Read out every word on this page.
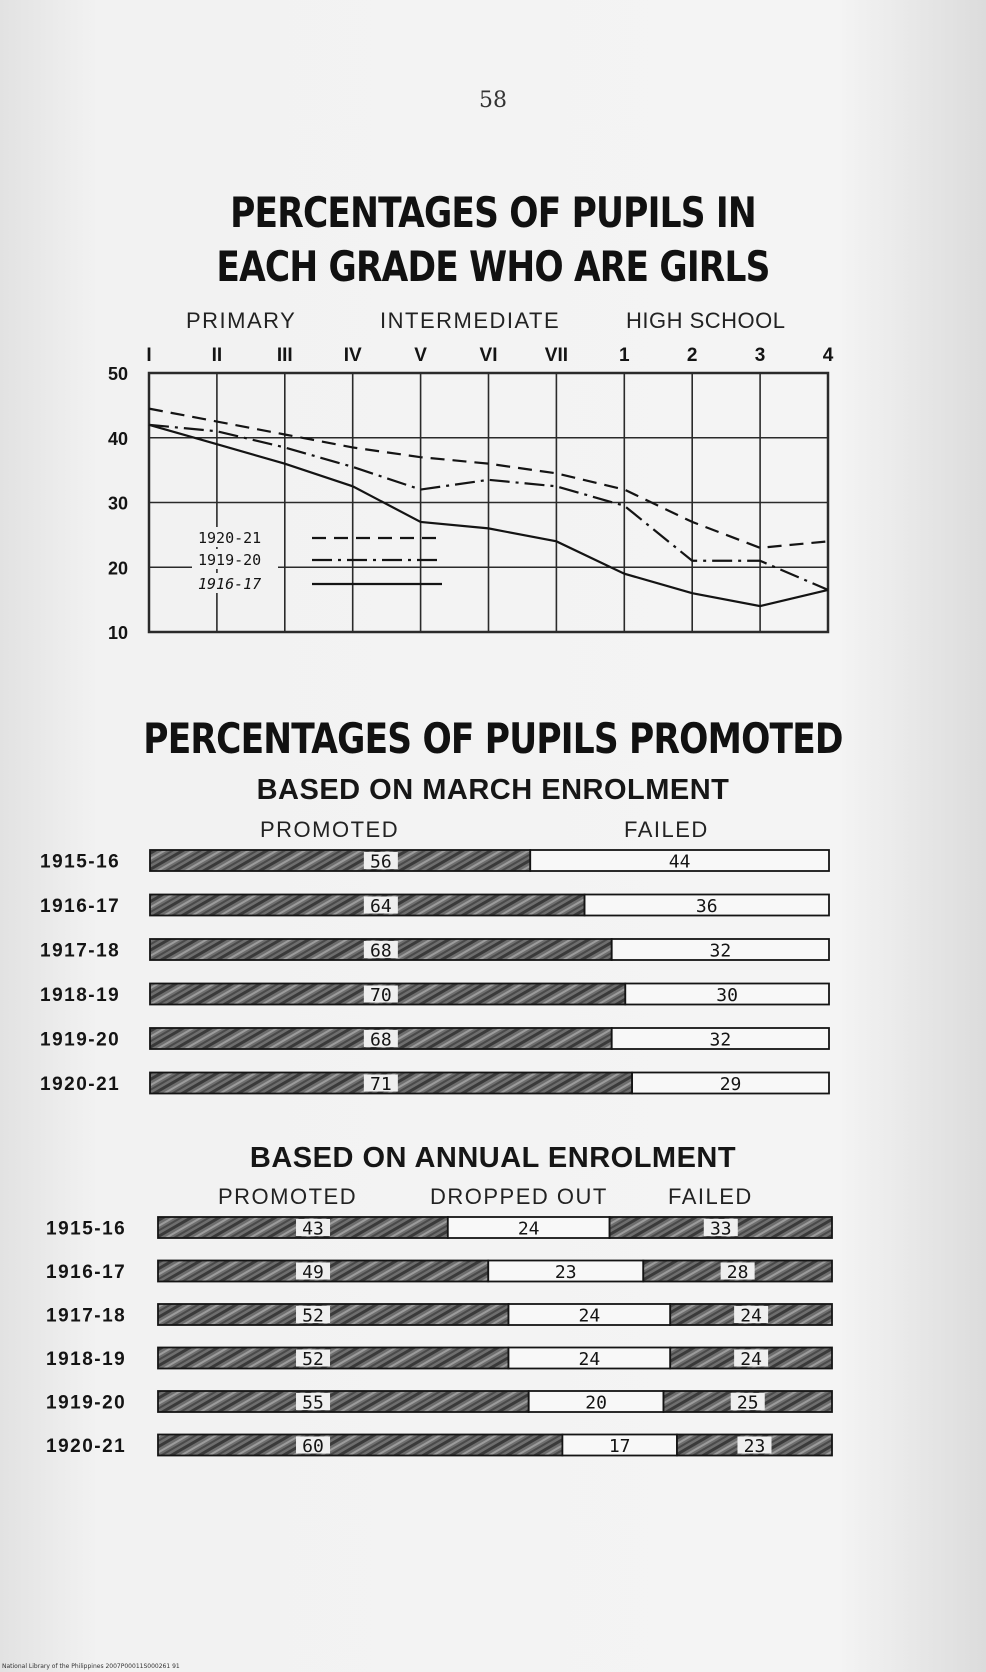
58
PERCENTAGES OF PUPILS IN EACH GRADE WHO ARE GIRLS
PRIMARY	INTERMEDIATE	HIGH SCHOOL
PERCENTAGES OF PUPILS PROMOTED
BASED ON MARCH ENROLMENT
PROMOTED	FAILED
BASED ON ANNUAL ENROLMENT
PROMOTED	DROPPED OUT	FAILED
I	II	III	IV	V	VI VII	1	2	3	4
50
40
30
20
10
1920-21
1919-20
1916-17
1915-16	56	44
1916-17	64	36
1917-18	68	32
1918-19	70	30
1919-20	68	32
1920-21	71	29
1915-16	43	24	33
1916-17	49	23	28
1917-18	52	24	24
1918-19	52	24	24
1919-20	55	20	25
1920-21	60	17	23
National Library of the Philippines 2007P00011S000261 91
